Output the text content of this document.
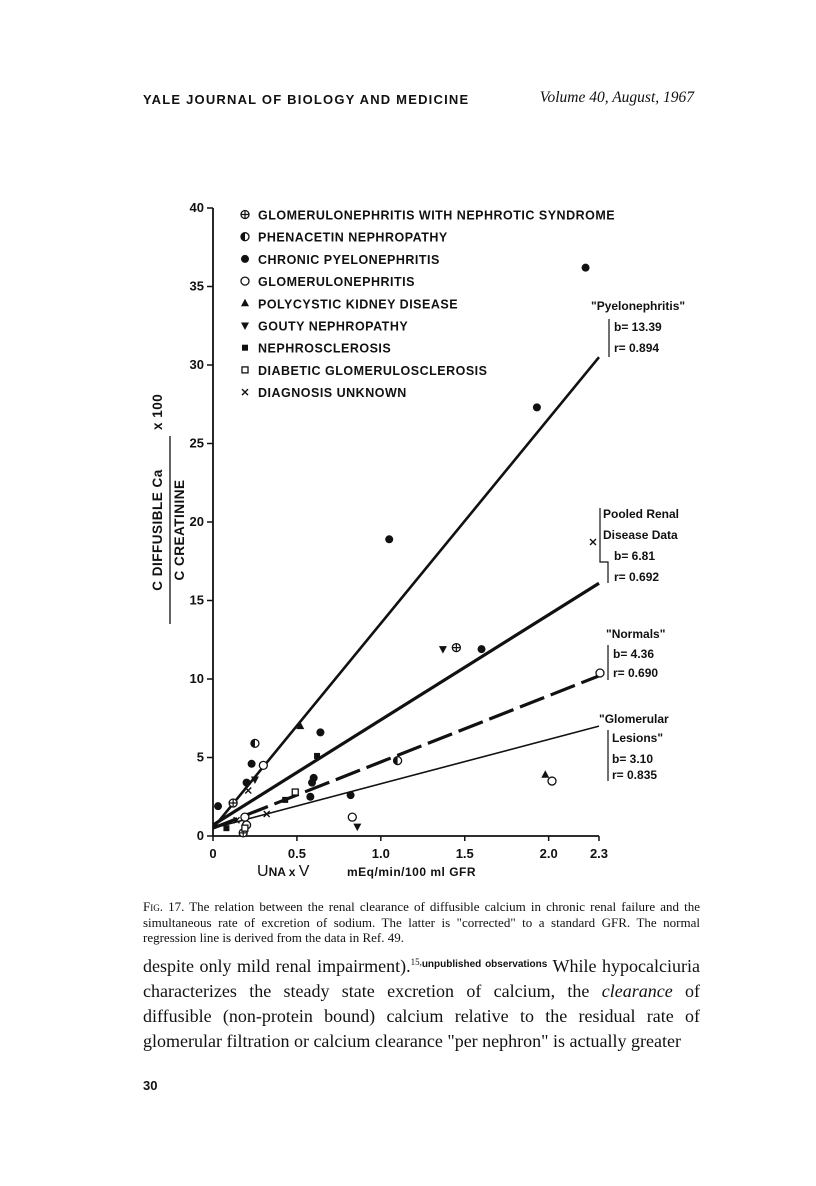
YALE JOURNAL OF BIOLOGY AND MEDICINE	Volume 40, August, 1967
0
5
10
15
20
25
30
35
40
0	0.5	1.0	1.5	2.0 2.3
GLOMERULONEPHRITIS WITH NEPHROTIC SYNDROME
PHENACETIN NEPHROPATHY
CHRONIC PYELONEPHRITIS
GLOMERULONEPHRITIS
POLYCYSTIC KIDNEY DISEASE
GOUTY NEPHROPATHY
NEPHROSCLEROSIS
DIABETIC GLOMERULOSCLEROSIS
DIAGNOSIS UNKNOWN
"Pyelonephritis"
b= 13.39
r= 0.894
Pooled Renal
Disease Data
b= 6.81
r= 0.692
"Normals"
b= 4.36
r= 0.690
"Glomerular
Lesions"
b= 3.10
r= 0.835
UNA x V	mEq/min/100 ml GFR
C DIFFUSIBLE Ca C CREATININE
x 100
Fig. 17. The relation between the renal clearance of diffusible calcium in chronic renal failure and the simultaneous rate of excretion of sodium. The latter is "corrected" to a standard GFR. The normal regression line is derived from the data in Ref. 49.
despite only mild renal impairment).$^{15,unpublished observations}$ While hypocalciuria characterizes the steady state excretion of calcium, the clearance of diffusible (non-protein bound) calcium relative to the residual rate of glomerular filtration or calcium clearance "per nephron" is actually greater
30
